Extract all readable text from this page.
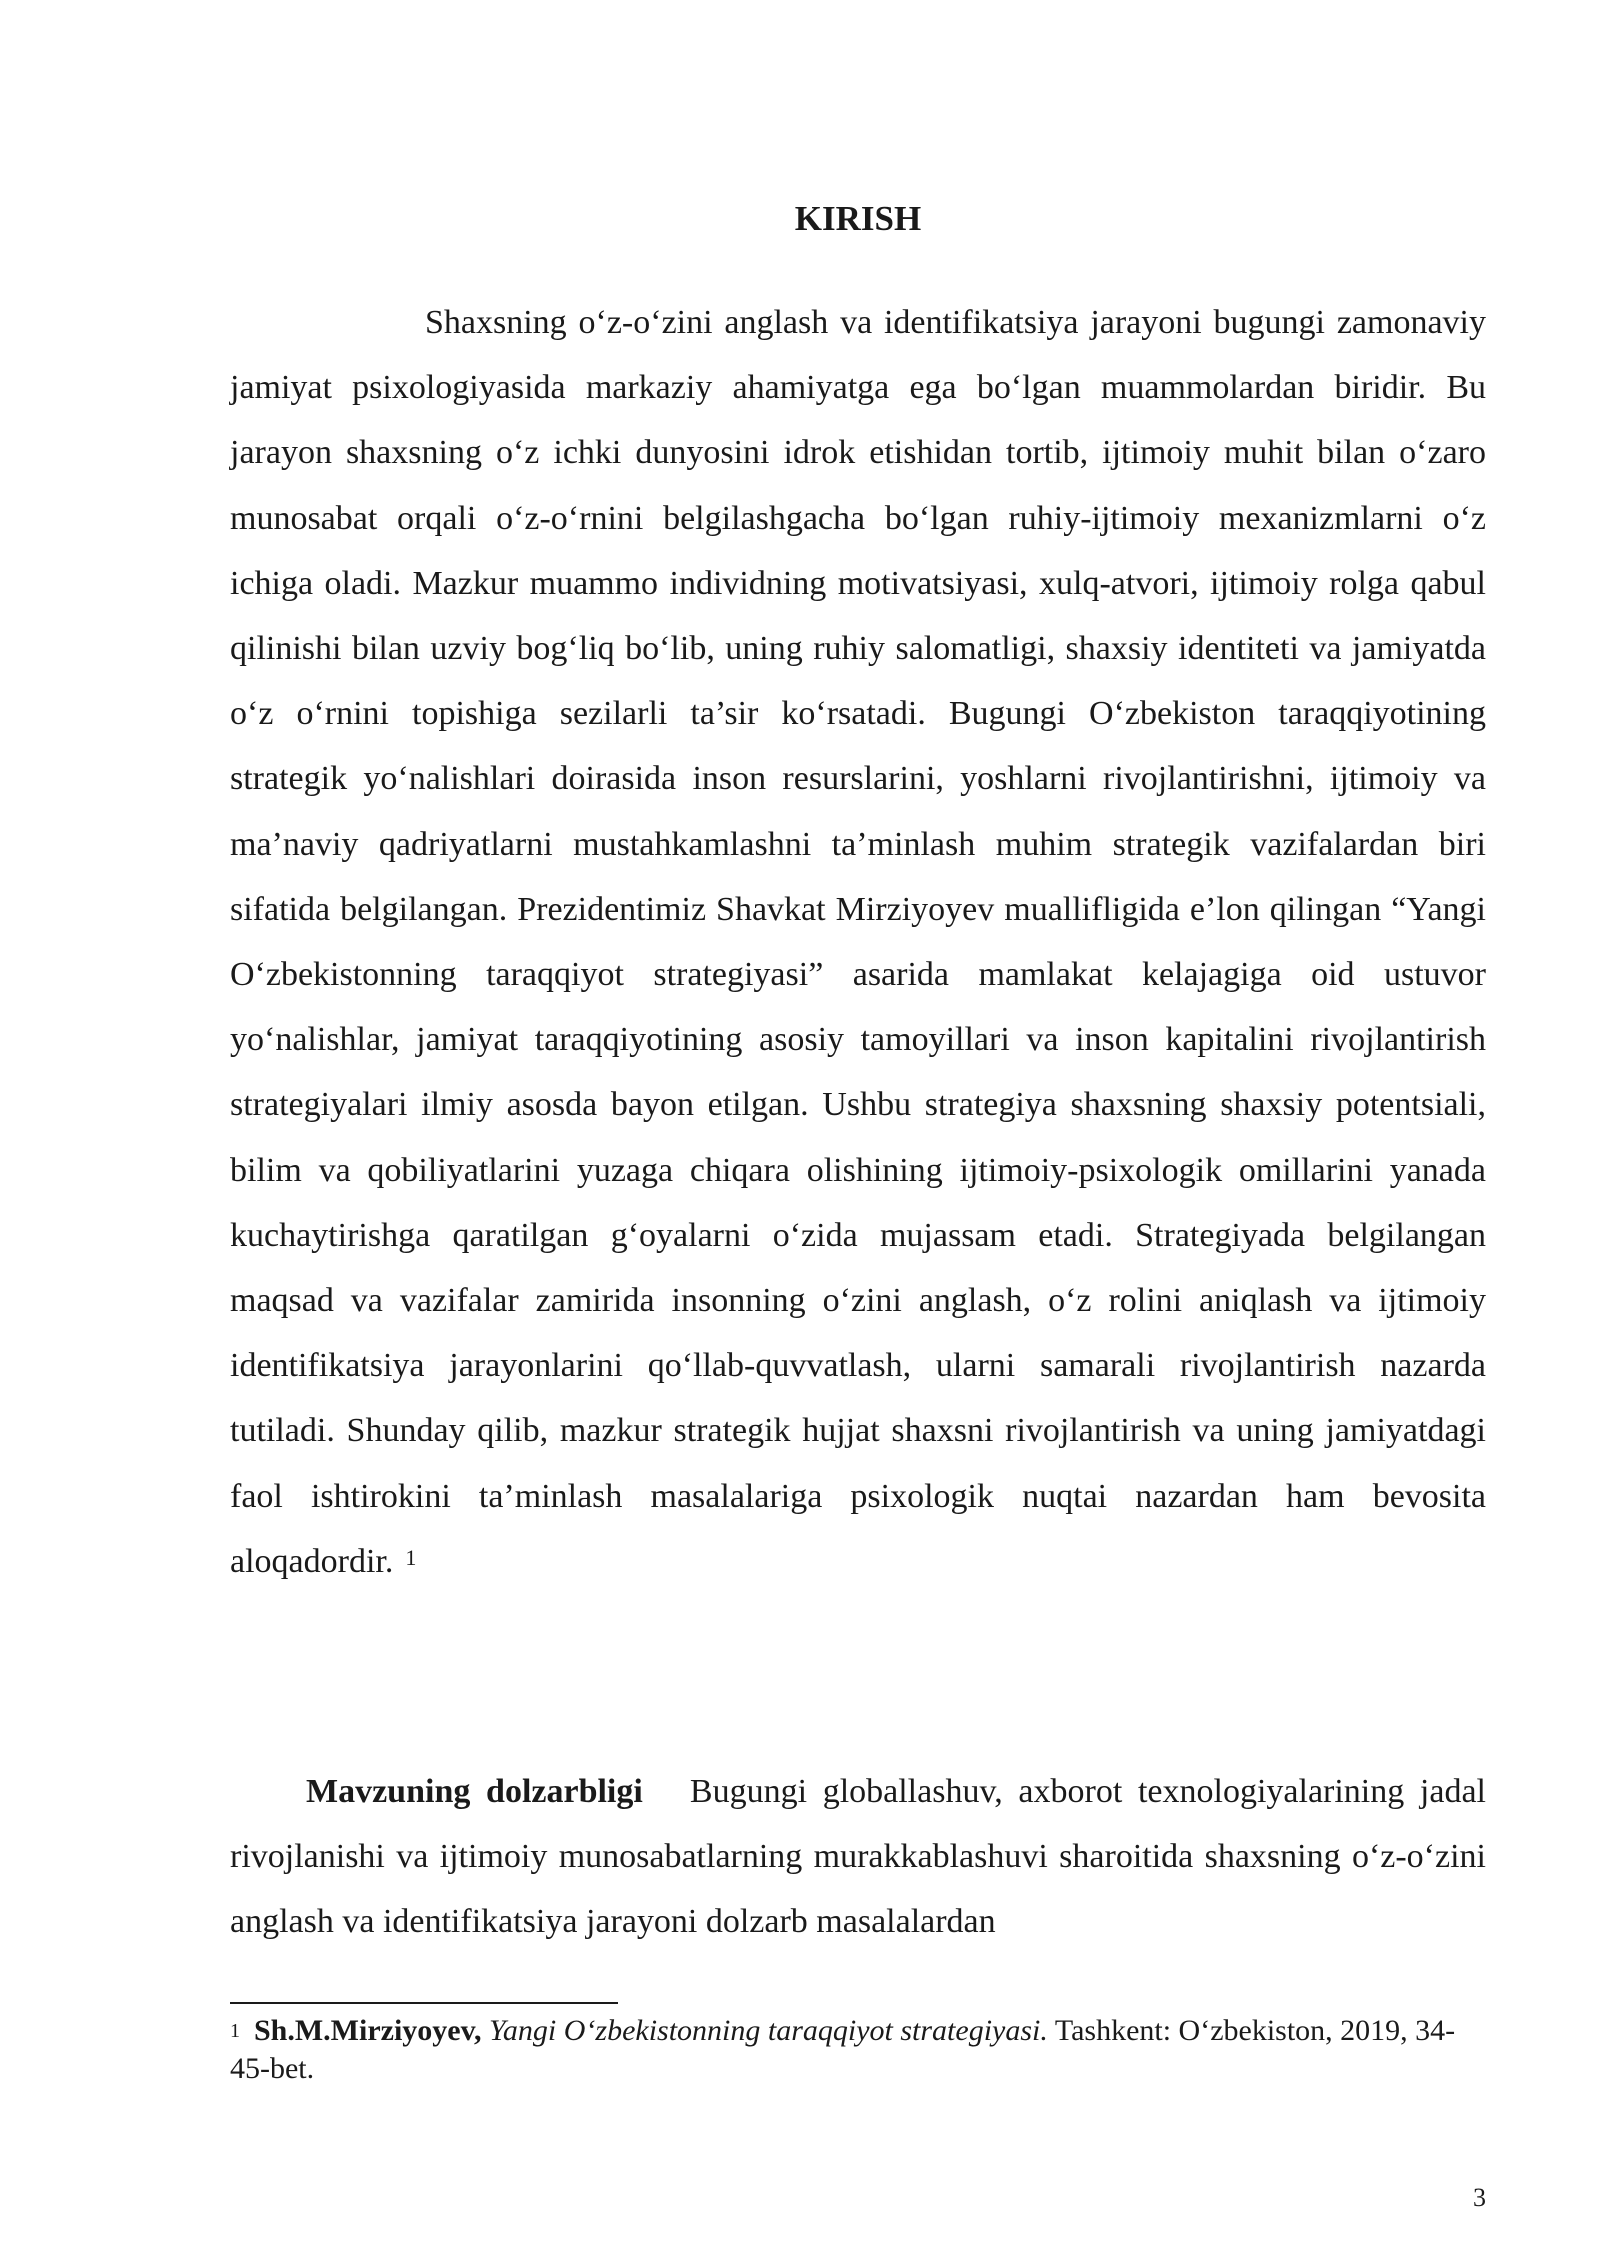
KIRISH

Shaxsning o‘z-o‘zini anglash va identifikatsiya jarayoni bugungi zamonaviy jamiyat psixologiyasida markaziy ahamiyatga ega bo‘lgan muammolardan biridir. Bu jarayon shaxsning o‘z ichki dunyosini idrok etishidan tortib, ijtimoiy muhit bilan o‘zaro munosabat orqali o‘z-o‘rnini belgilashgacha bo‘lgan ruhiy-ijtimoiy mexanizmlarni o‘z ichiga oladi. Mazkur muammo individning motivatsiyasi, xulq-atvori, ijtimoiy rolga qabul qilinishi bilan uzviy bog‘liq bo‘lib, uning ruhiy salomatligi, shaxsiy identiteti va jamiyatda o‘z o‘rnini topishiga sezilarli ta’sir ko‘rsatadi. Bugungi O‘zbekiston taraqqiyotining strategik yo‘nalishlari doirasida inson resurslarini, yoshlarni rivojlantirishni, ijtimoiy va ma’naviy qadriyatlarni mustahkamlashni ta’minlash muhim strategik vazifalardan biri sifatida belgilangan. Prezidentimiz Shavkat Mirziyoyev muallifligida e’lon qilingan “Yangi O‘zbekistonning taraqqiyot strategiyasi” asarida mamlakat kelajagiga oid ustuvor yo‘nalishlar, jamiyat taraqqiyotining asosiy tamoyillari va inson kapitalini rivojlantirish strategiyalari ilmiy asosda bayon etilgan. Ushbu strategiya shaxsning shaxsiy potentsiali, bilim va qobiliyatlarini yuzaga chiqara olishining ijtimoiy-psixologik omillarini yanada kuchaytirishga qaratilgan g‘oyalarni o‘zida mujassam etadi. Strategiyada belgilangan maqsad va vazifalar zamirida insonning o‘zini anglash, o‘z rolini aniqlash va ijtimoiy identifikatsiya jarayonlarini qo‘llab-quvvatlash, ularni samarali rivojlantirish nazarda tutiladi. Shunday qilib, mazkur strategik hujjat shaxsni rivojlantirish va uning jamiyatdagi faol ishtirokini ta’minlash masalalariga psixologik nuqtai nazardan ham bevosita aloqadordir. $^1$

Mavzuning dolzarbligi Bugungi globallashuv, axborot texnologiyalarining jadal rivojlanishi va ijtimoiy munosabatlarning murakkablashuvi sharoitida shaxsning o‘z-o‘zini anglash va identifikatsiya jarayoni dolzarb masalalardan

$^1$ Sh.M.Mirziyoyev, Yangi O‘zbekistonning taraqqiyot strategiyasi. Tashkent: O‘zbekiston, 2019, 34-45-bet.

3
